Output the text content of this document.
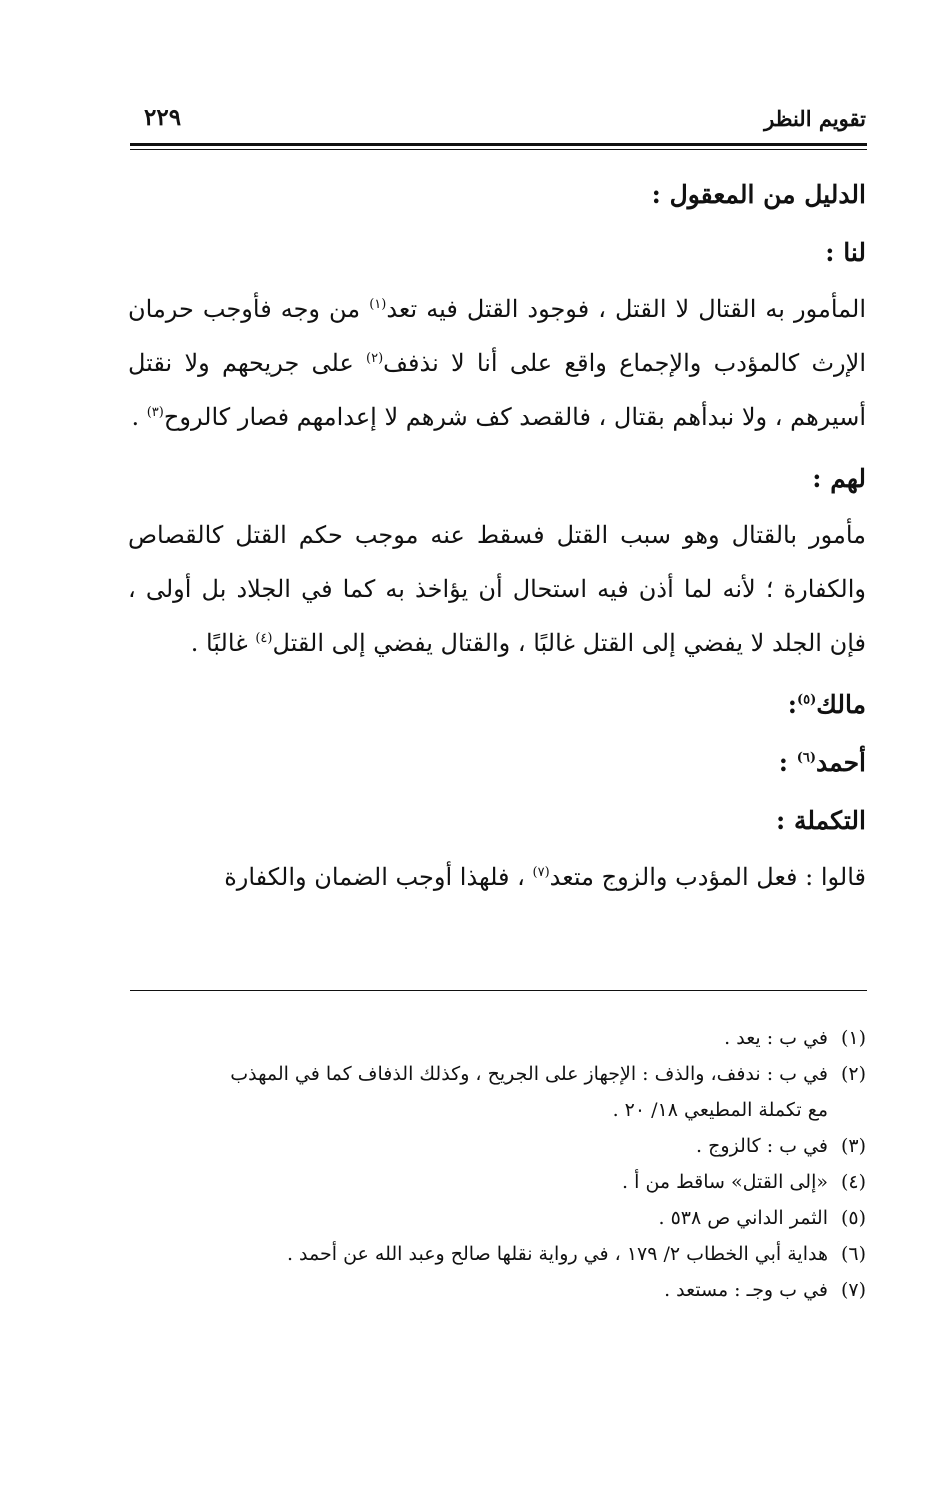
تقويم النظر
٢٢٩

الدليل من المعقول :

لنا :

المأمور به القتال لا القتل ، فوجود القتل فيه تعد$^{(١)}$ من وجه فأوجب حرمان الإرث كالمؤدب والإجماع واقع على أنا لا نذفف$^{(٢)}$ على جريحهم ولا نقتل أسيرهم ، ولا نبدأهم بقتال ، فالقصد كف شرهم لا إعدامهم فصار كالروح$^{(٣)}$ .

لهم :

مأمور بالقتال وهو سبب القتل فسقط عنه موجب حكم القتل كالقصاص والكفارة ؛ لأنه لما أذن فيه استحال أن يؤاخذ به كما في الجلاد بل أولى ، فإن الجلد لا يفضي إلى القتل غالبًا ، والقتال يفضي إلى القتل$^{(٤)}$ غالبًا .

مالك$^{(٥)}$:

أحمد$^{(٦)}$ :

التكملة :

قالوا : فعل المؤدب والزوج متعد$^{(٧)}$ ، فلهذا أوجب الضمان والكفارة

(١)في ب : يعد .

(٢)في ب : ندفف، والذف : الإجهاز على الجريح ، وكذلك الذفاف كما في المهذب

مع تكملة المطيعي ١٨/ ٢٠ .

(٣)في ب : كالزوج .

(٤)«إلى القتل» ساقط من أ .

(٥)الثمر الداني ص ٥٣٨ .

(٦)هداية أبي الخطاب ٢/ ١٧٩ ، في رواية نقلها صالح وعبد الله عن أحمد .

(٧)في ب وجـ : مستعد .
